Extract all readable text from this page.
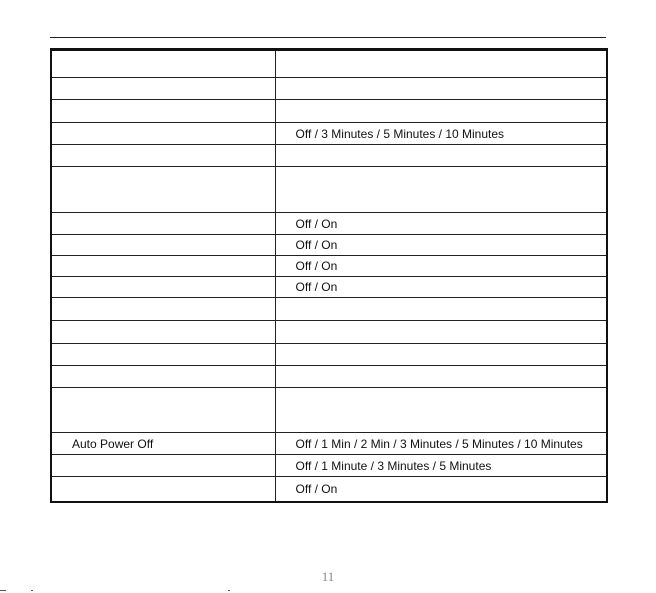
	Off / 3 Minutes / 5 Minutes / 10 Minutes

	Off / On
	Off / On
	Off / On
	Off / On

Auto Power Off	Off / 1 Min / 2 Min / 3 Minutes / 5 Minutes / 10 Minutes
	Off / 1 Minute / 3 Minutes / 5 Minutes
	Off / On
11
